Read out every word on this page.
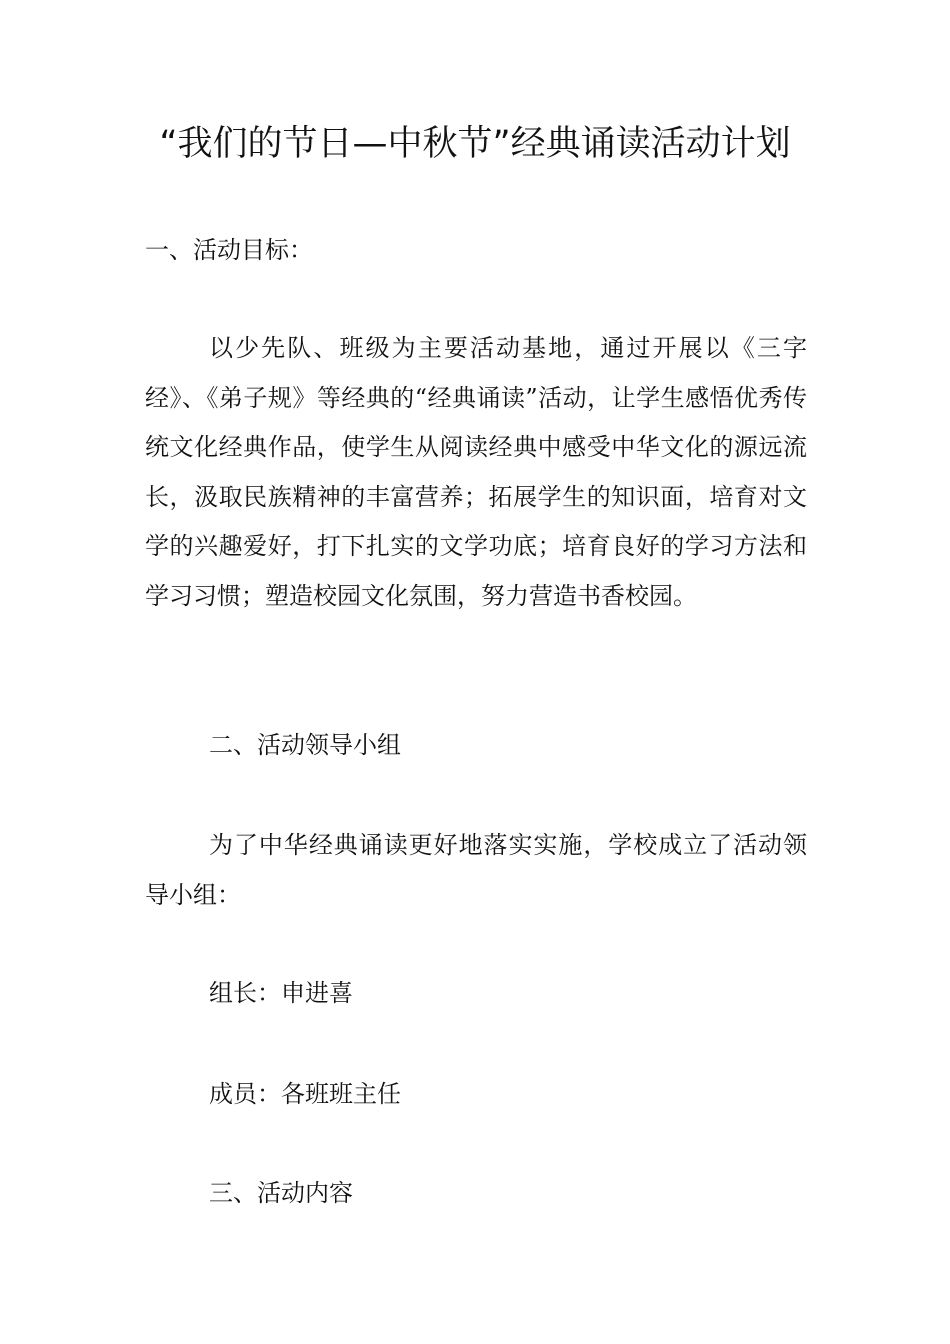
“我们的节日—中秋节”经典诵读活动计划

一、活动目标：

以少先队、班级为主要活动基地，通过开展以《三字经》、《弟子规》等经典的“经典诵读”活动，让学生感悟优秀传统文化经典作品，使学生从阅读经典中感受中华文化的源远流长，汲取民族精神的丰富营养；拓展学生的知识面，培育对文学的兴趣爱好，打下扎实的文学功底；培育良好的学习方法和学习习惯；塑造校园文化氛围，努力营造书香校园。

二、活动领导小组

为了中华经典诵读更好地落实实施，学校成立了活动领导小组：

组长：申进喜

成员：各班班主任

三、活动内容
